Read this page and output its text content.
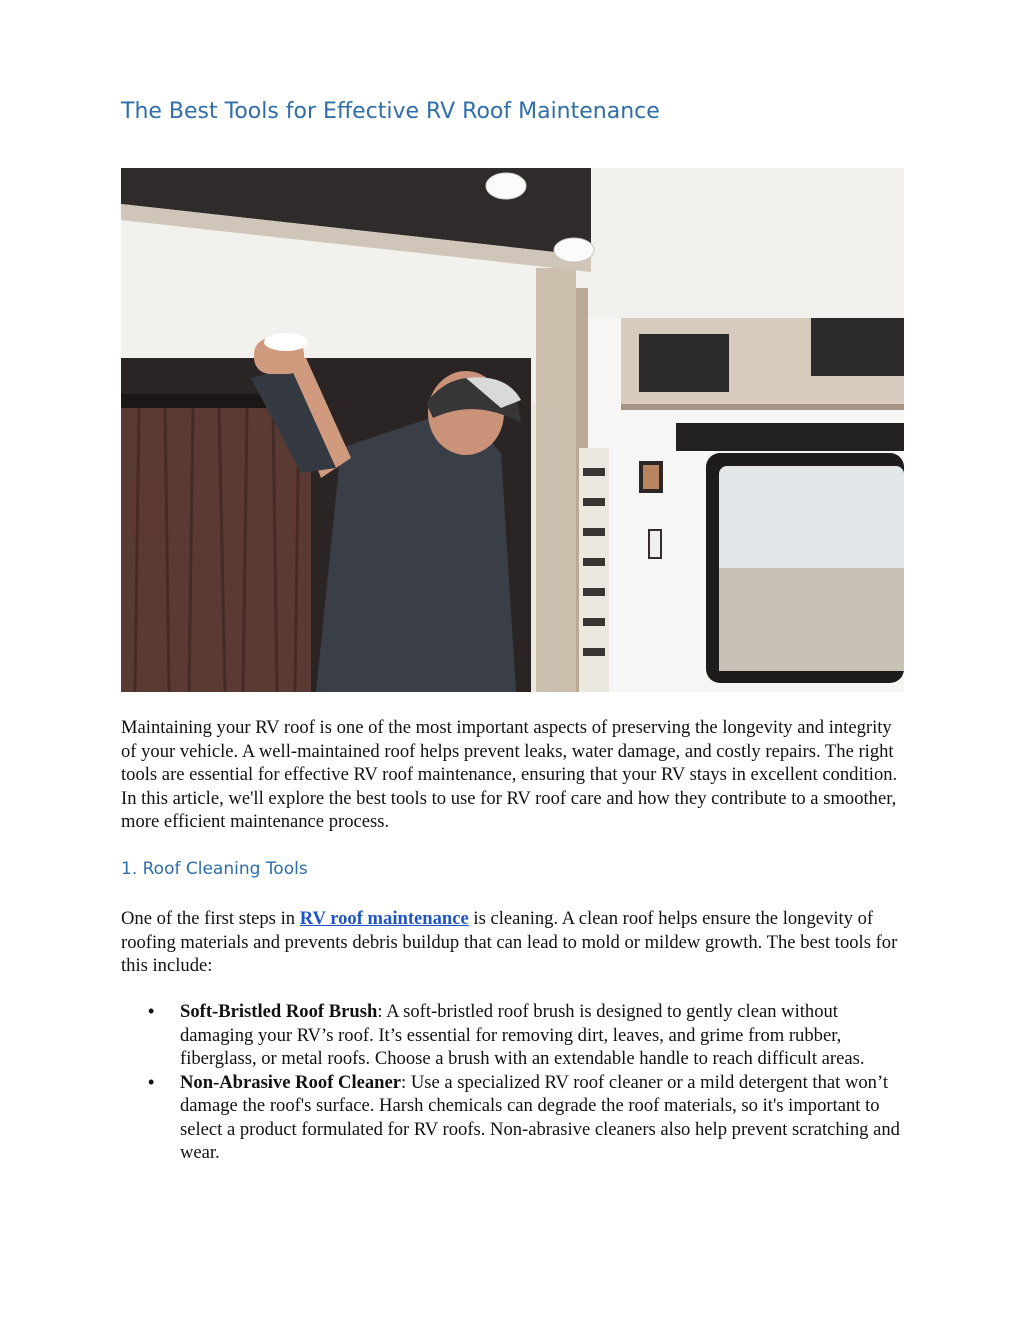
The Best Tools for Effective RV Roof Maintenance

Maintaining your RV roof is one of the most important aspects of preserving the longevity and integrity of your vehicle. A well-maintained roof helps prevent leaks, water damage, and costly repairs. The right tools are essential for effective RV roof maintenance, ensuring that your RV stays in excellent condition. In this article, we'll explore the best tools to use for RV roof care and how they contribute to a smoother, more efficient maintenance process.

1. Roof Cleaning Tools

One of the first steps in RV roof maintenance is cleaning. A clean roof helps ensure the longevity of roofing materials and prevents debris buildup that can lead to mold or mildew growth. The best tools for this include:

• Soft-Bristled Roof Brush: A soft-bristled roof brush is designed to gently clean without damaging your RV’s roof. It’s essential for removing dirt, leaves, and grime from rubber, fiberglass, or metal roofs. Choose a brush with an extendable handle to reach difficult areas.
• Non-Abrasive Roof Cleaner: Use a specialized RV roof cleaner or a mild detergent that won’t damage the roof's surface. Harsh chemicals can degrade the roof materials, so it's important to select a product formulated for RV roofs. Non-abrasive cleaners also help prevent scratching and wear.
